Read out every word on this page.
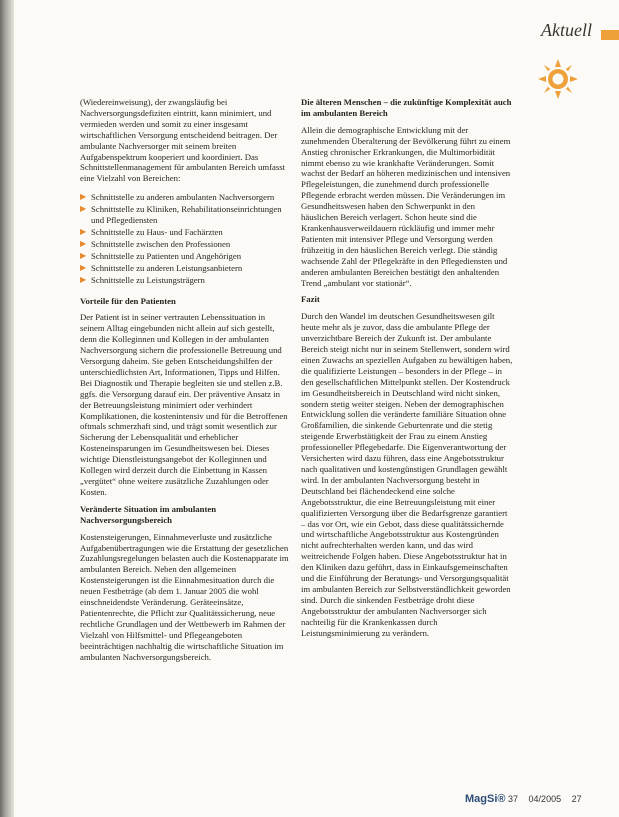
Aktuell

(Wiedereinweisung), der zwangsläufig bei Nachversorgungsdefiziten eintritt, kann minimiert, und vermieden werden und somit zu einer insgesamt wirtschaftlichen Versorgung entscheidend beitragen. Der ambulante Nachversorger mit seinem breiten Aufgabenspektrum kooperiert und koordiniert. Das Schnittstellenmanagement für ambulanten Bereich umfasst eine Vielzahl von Bereichen:

▶ Schnittstelle zu anderen ambulanten Nachversorgern
▶ Schnittstelle zu Kliniken, Rehabilitationseinrichtungen und Pflegediensten
▶ Schnittstelle zu Haus- und Fachärzten
▶ Schnittstelle zwischen den Professionen
▶ Schnittstelle zu Patienten und Angehörigen
▶ Schnittstelle zu anderen Leistungsanbietern
▶ Schnittstelle zu Leistungsträgern

Vorteile für den Patienten

Der Patient ist in seiner vertrauten Lebenssituation in seinem Alltag eingebunden nicht allein auf sich gestellt, denn die Kolleginnen und Kollegen in der ambulanten Nachversorgung sichern die professionelle Betreuung und Versorgung daheim. Sie geben Entscheidungshilfen der unterschiedlichsten Art, Informationen, Tipps und Hilfen. Bei Diagnostik und Therapie begleiten sie und stellen z.B. ggfs. die Versorgung darauf ein. Der präventive Ansatz in der Betreuungsleistung minimiert oder verhindert Komplikationen, die kostenintensiv und für die Betroffenen oftmals schmerzhaft sind, und trägt somit wesentlich zur Sicherung der Lebensqualität und erheblicher Kosteneinsparungen im Gesundheitswesen bei. Dieses wichtige Dienstleistungsangebot der Kolleginnen und Kollegen wird derzeit durch die Einbettung in Kassen „vergütet“ ohne weitere zusätzliche Zuzahlungen oder Kosten.

Veränderte Situation im ambulanten Nachversorgungsbereich

Kostensteigerungen, Einnahmeverluste und zusätzliche Aufgabenübertragungen wie die Erstattung der gesetzlichen Zuzahlungsregelungen belasten auch die Kostenapparate im ambulanten Bereich. Neben den allgemeinen Kostensteigerungen ist die Einnahmesituation durch die neuen Festbeträge (ab dem 1. Januar 2005 die wohl einschneidendste Veränderung. Geräteeinsätze, Patientenrechte, die Pflicht zur Qualitätssicherung, neue rechtliche Grundlagen und der Wettbewerb im Rahmen der Vielzahl von Hilfsmittel- und Pflegeangeboten beeinträchtigen nachhaltig die wirtschaftliche Situation im ambulanten Nachversorgungsbereich.

Die älteren Menschen – die zukünftige Komplexität auch im ambulanten Bereich

Allein die demographische Entwicklung mit der zunehmenden Überalterung der Bevölkerung führt zu einem Anstieg chronischer Erkrankungen, die Multimorbidität nimmt ebenso zu wie krankhafte Veränderungen. Somit wachst der Bedarf an höheren medizinischen und intensiven Pflegeleistungen, die zunehmend durch professionelle Pflegende erbracht werden müssen. Die Veränderungen im Gesundheitswesen haben den Schwerpunkt in den häuslichen Bereich verlagert. Schon heute sind die Krankenhausverweildauern rückläufig und immer mehr Patienten mit intensiver Pflege und Versorgung werden frühzeitig in den häuslichen Bereich verlegt. Die ständig wachsende Zahl der Pflegekräfte in den Pflegediensten und anderen ambulanten Bereichen bestätigt den anhaltenden Trend „ambulant vor stationär“.

Fazit

Durch den Wandel im deutschen Gesundheitswesen gilt heute mehr als je zuvor, dass die ambulante Pflege der unverzichtbare Bereich der Zukunft ist. Der ambulante Bereich steigt nicht nur in seinem Stellenwert, sondern wird einen Zuwachs an speziellen Aufgaben zu bewältigen haben, die qualifizierte Leistungen – besonders in der Pflege – in den gesellschaftlichen Mittelpunkt stellen. Der Kostendruck im Gesundheitsbereich in Deutschland wird nicht sinken, sondern stetig weiter steigen. Neben der demographischen Entwicklung sollen die veränderte familiäre Situation ohne Großfamilien, die sinkende Geburtenrate und die stetig steigende Erwerbstätigkeit der Frau zu einem Anstieg professioneller Pflegebedarfe. Die Eigenverantwortung der Versicherten wird dazu führen, dass eine Angebotsstruktur nach qualitativen und kostengünstigen Grundlagen gewählt wird. In der ambulanten Nachversorgung besteht in Deutschland bei flächendeckend eine solche Angebotsstruktur, die eine Betreuungsleistung mit einer qualifizierten Versorgung über die Bedarfsgrenze garantiert – das vor Ort, wie ein Gebot, dass diese qualitätssichernde und wirtschaftliche Angebotsstruktur aus Kostengründen nicht aufrechterhalten werden kann, und das wird weitreichende Folgen haben. Diese Angebotsstruktur hat in den Kliniken dazu geführt, dass in Einkaufsgemeinschaften und die Einführung der Beratungs- und Versorgungsqualität im ambulanten Bereich zur Selbstverständlichkeit geworden sind. Durch die sinkenden Festbeträge droht diese Angebotsstruktur der ambulanten Nachversorger sich nachteilig für die Krankenkassen durch Leistungsminimierung zu verändern.

MagSi® 37 04/2005 27
